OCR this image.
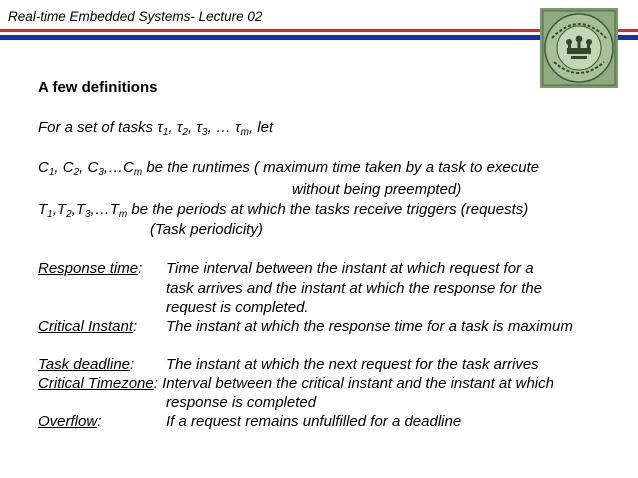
Real-time Embedded Systems- Lecture 02
A few definitions
For a set of tasks $\tau_1$, $\tau_2$, $\tau_3$, … $\tau_m$, let
$C_1$, $C_2$, $C_3,\dots C_m$ be the runtimes ( maximum time taken by a task to execute
without being preempted)
$T_1,T_2,T_3,\dots T_m$ be the periods at which the tasks receive triggers (requests)
(Task periodicity)
Response time: Time interval between the instant at which request for a
task arrives and the instant at which the response for the
request is completed.
Critical Instant: The instant at which the response time for a task is maximum
Task deadline: The instant at which the next request for the task arrives
Critical Timezone: Interval between the critical instant and the instant at which
response is completed
Overflow:	If a request remains unfulfilled for a deadline
